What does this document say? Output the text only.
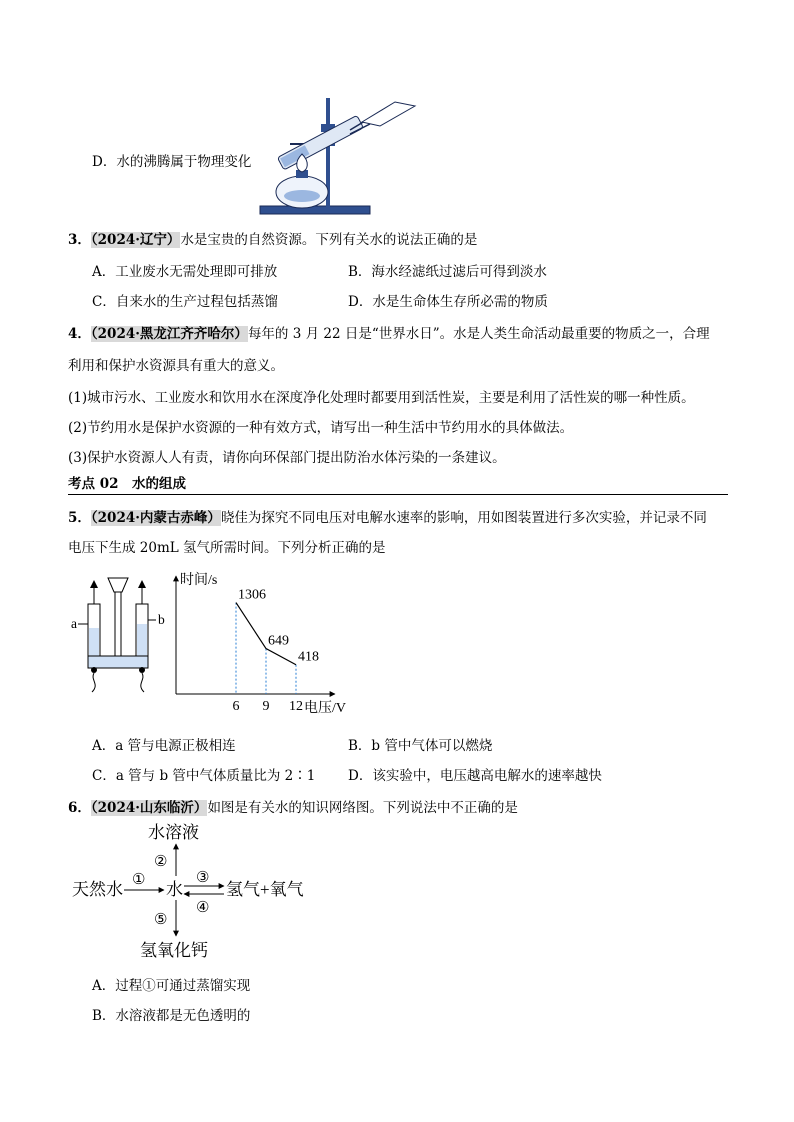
D．水的沸腾属于物理变化
3．（2024·辽宁）水是宝贵的自然资源。下列有关水的说法正确的是
A．工业废水无需处理即可排放	B．海水经滤纸过滤后可得到淡水
C．自来水的生产过程包括蒸馏	D．水是生命体生存所必需的物质
4．（2024·黑龙江齐齐哈尔）每年的 3 月 22 日是“世界水日”。水是人类生命活动最重要的物质之一，合理
利用和保护水资源具有重大的意义。
(1)城市污水、工业废水和饮用水在深度净化处理时都要用到活性炭，主要是利用了活性炭的哪一种性质。
(2)节约用水是保护水资源的一种有效方式，请写出一种生活中节约用水的具体做法。
(3)保护水资源人人有责，请你向环保部门提出防治水体污染的一条建议。
考点 02　水的组成
5．（2024·内蒙古赤峰）晓佳为探究不同电压对电解水速率的影响，用如图装置进行多次实验，并记录不同
电压下生成 20mL 氢气所需时间。下列分析正确的是
a	b
时间/s
电压/V
1306
6
649
9
418
12
A．a 管与电源正极相连	B．b 管中气体可以燃烧
C．a 管与 b 管中气体质量比为 2∶1 D．该实验中，电压越高电解水的速率越快
6．（2024·山东临沂）如图是有关水的知识网络图。下列说法中不正确的是
水溶液
天然水	水	氢气+氧气
氢氧化钙
②
①	③
④
⑤
A．过程①可通过蒸馏实现
B．水溶液都是无色透明的
